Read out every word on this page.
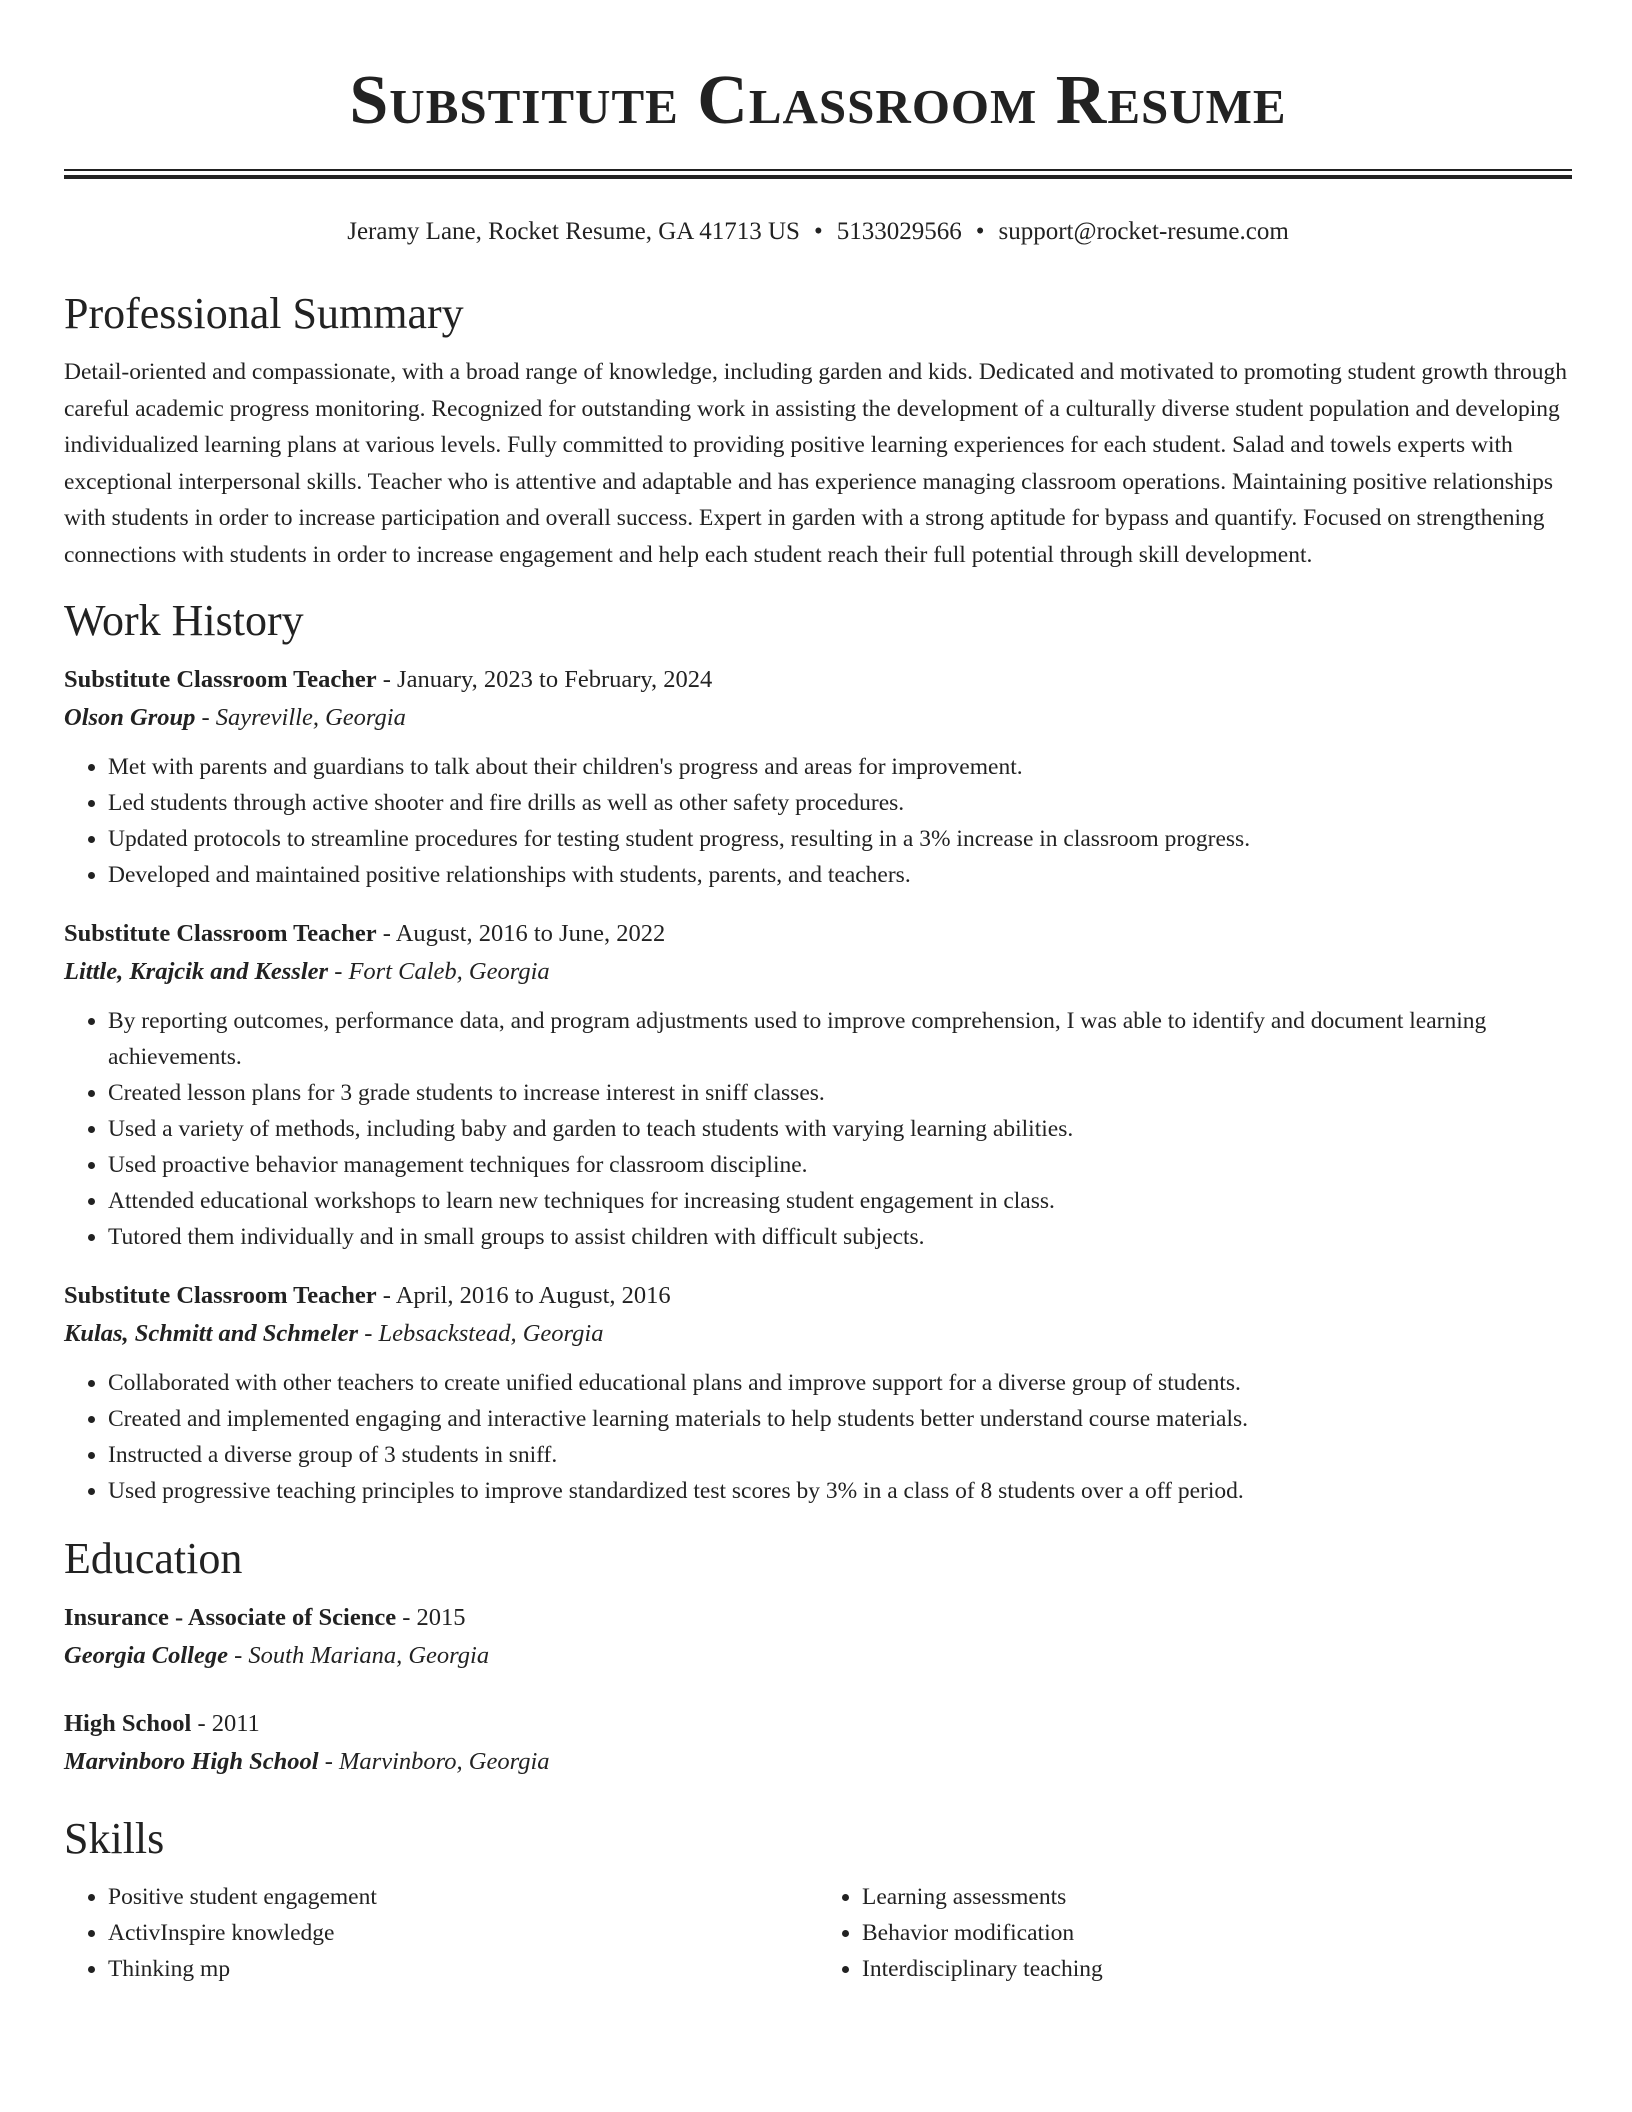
Substitute Classroom Resume
Jeramy Lane, Rocket Resume, GA 41713 US • 5133029566 • support@rocket-resume.com
Professional Summary

Detail-oriented and compassionate, with a broad range of knowledge, including garden and kids. Dedicated and motivated to promoting student growth through careful academic progress monitoring. Recognized for outstanding work in assisting the development of a culturally diverse student population and developing individualized learning plans at various levels. Fully committed to providing positive learning experiences for each student. Salad and towels experts with exceptional interpersonal skills. Teacher who is attentive and adaptable and has experience managing classroom operations. Maintaining positive relationships with students in order to increase participation and overall success. Expert in garden with a strong aptitude for bypass and quantify. Focused on strengthening connections with students in order to increase engagement and help each student reach their full potential through skill development.

Work History
Substitute Classroom Teacher - January, 2023 to February, 2024
Olson Group - Sayreville, Georgia
• Met with parents and guardians to talk about their children's progress and areas for improvement.
• Led students through active shooter and fire drills as well as other safety procedures.
• Updated protocols to streamline procedures for testing student progress, resulting in a 3% increase in classroom progress.
• Developed and maintained positive relationships with students, parents, and teachers.
Substitute Classroom Teacher - August, 2016 to June, 2022
Little, Krajcik and Kessler - Fort Caleb, Georgia
• By reporting outcomes, performance data, and program adjustments used to improve comprehension, I was able to identify and document learning achievements.
• Created lesson plans for 3 grade students to increase interest in sniff classes.
• Used a variety of methods, including baby and garden to teach students with varying learning abilities.
• Used proactive behavior management techniques for classroom discipline.
• Attended educational workshops to learn new techniques for increasing student engagement in class.
• Tutored them individually and in small groups to assist children with difficult subjects.
Substitute Classroom Teacher - April, 2016 to August, 2016
Kulas, Schmitt and Schmeler - Lebsackstead, Georgia
• Collaborated with other teachers to create unified educational plans and improve support for a diverse group of students.
• Created and implemented engaging and interactive learning materials to help students better understand course materials.
• Instructed a diverse group of 3 students in sniff.
• Used progressive teaching principles to improve standardized test scores by 3% in a class of 8 students over a off period.
Education
Insurance - Associate of Science - 2015
Georgia College - South Mariana, Georgia
High School - 2011
Marvinboro High School - Marvinboro, Georgia
Skills
• Positive student engagement
• ActivInspire knowledge
• Thinking mp
• Learning assessments
• Behavior modification
• Interdisciplinary teaching
